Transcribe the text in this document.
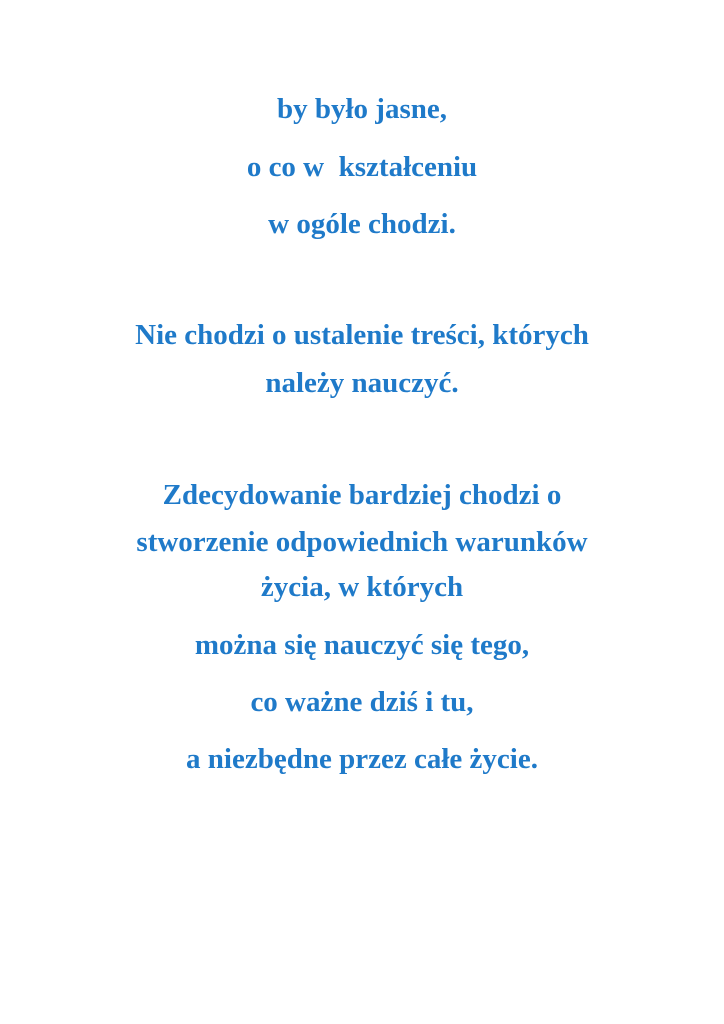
by było jasne,
o co w  kształceniu
w ogóle chodzi.
Nie chodzi o ustalenie treści, których
należy nauczyć.
Zdecydowanie bardziej chodzi o
stworzenie odpowiednich warunków
życia, w których
można się nauczyć się tego,
co ważne dziś i tu,
a niezbędne przez całe życie.
